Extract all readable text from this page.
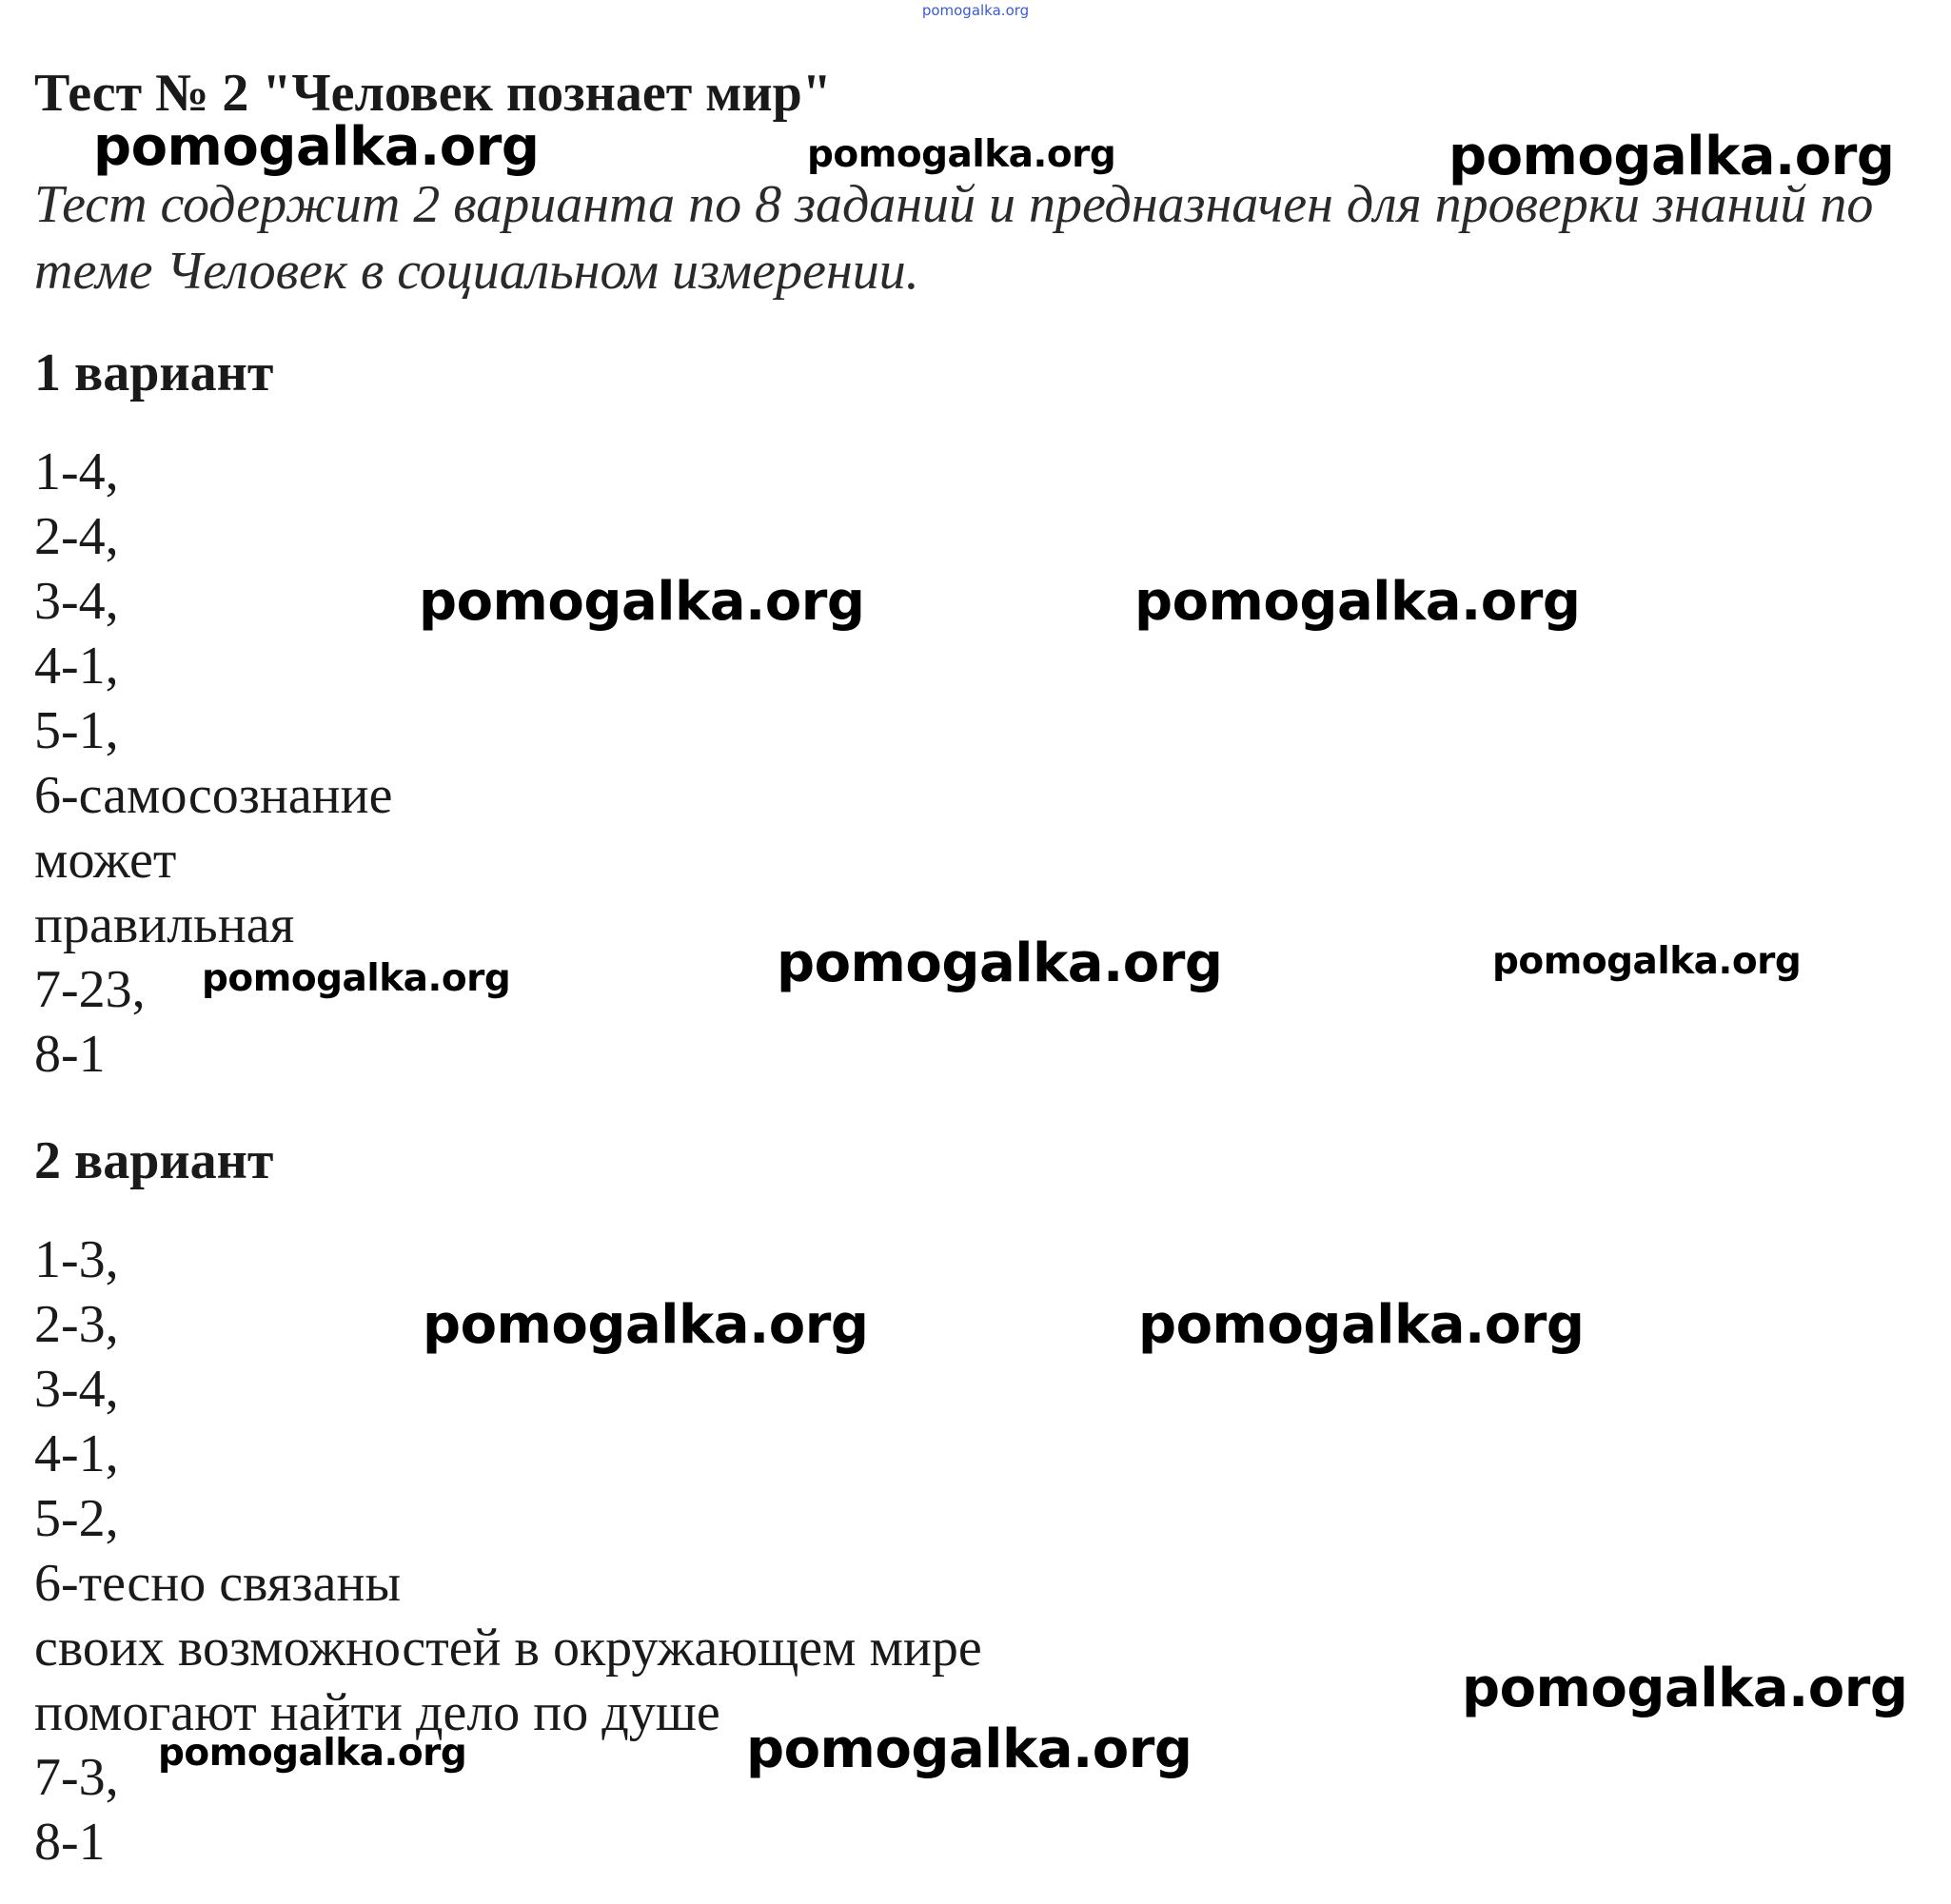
pomogalka.org
Тест № 2 "Человек познает мир"

Тест содержит 2 варианта по 8 заданий и предназначен для проверки знаний по теме Человек в социальном измерении.

1 вариант
1-4,
2-4,
3-4,
4-1,
5-1,
6-самосознание
может
правильная
7-23,
8-1
2 вариант
1-3,
2-3,
3-4,
4-1,
5-2,
6-тесно связаны
своих возможностей в окружающем мире
помогают найти дело по душе
7-3,
8-1
pomogalka.org	pomogalka.org	pomogalka.org
pomogalka.org	pomogalka.org
pomogalka.org	pomogalka.org	pomogalka.org
pomogalka.org	pomogalka.org
pomogalka.org
pomogalka.org	pomogalka.org
